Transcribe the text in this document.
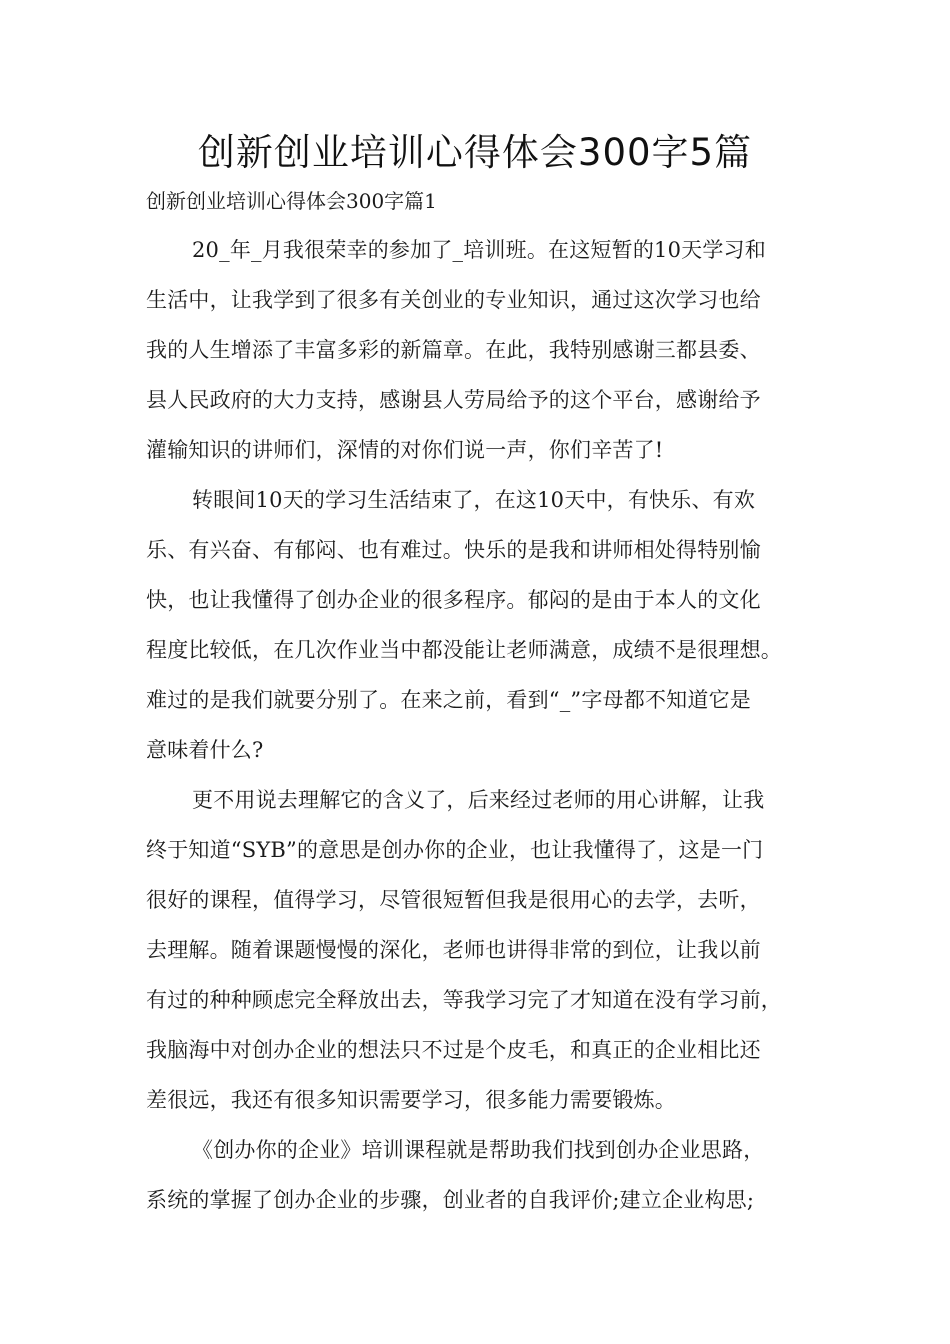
创新创业培训心得体会300字5篇
创新创业培训心得体会300字篇1
20_年_月我很荣幸的参加了_培训班。在这短暂的10天学习和
生活中，让我学到了很多有关创业的专业知识，通过这次学习也给
我的人生增添了丰富多彩的新篇章。在此，我特别感谢三都县委、
县人民政府的大力支持，感谢县人劳局给予的这个平台，感谢给予
灌输知识的讲师们，深情的对你们说一声，你们辛苦了!
转眼间10天的学习生活结束了，在这10天中，有快乐、有欢
乐、有兴奋、有郁闷、也有难过。快乐的是我和讲师相处得特别愉
快，也让我懂得了创办企业的很多程序。郁闷的是由于本人的文化
程度比较低，在几次作业当中都没能让老师满意，成绩不是很理想。
难过的是我们就要分别了。在来之前，看到“_”字母都不知道它是
意味着什么?
更不用说去理解它的含义了，后来经过老师的用心讲解，让我
终于知道“SYB”的意思是创办你的企业，也让我懂得了，这是一门
很好的课程，值得学习，尽管很短暂但我是很用心的去学，去听，
去理解。随着课题慢慢的深化，老师也讲得非常的到位，让我以前
有过的种种顾虑完全释放出去，等我学习完了才知道在没有学习前，
我脑海中对创办企业的想法只不过是个皮毛，和真正的企业相比还
差很远，我还有很多知识需要学习，很多能力需要锻炼。
《创办你的企业》培训课程就是帮助我们找到创办企业思路，
系统的掌握了创办企业的步骤，创业者的自我评价;建立企业构思;
